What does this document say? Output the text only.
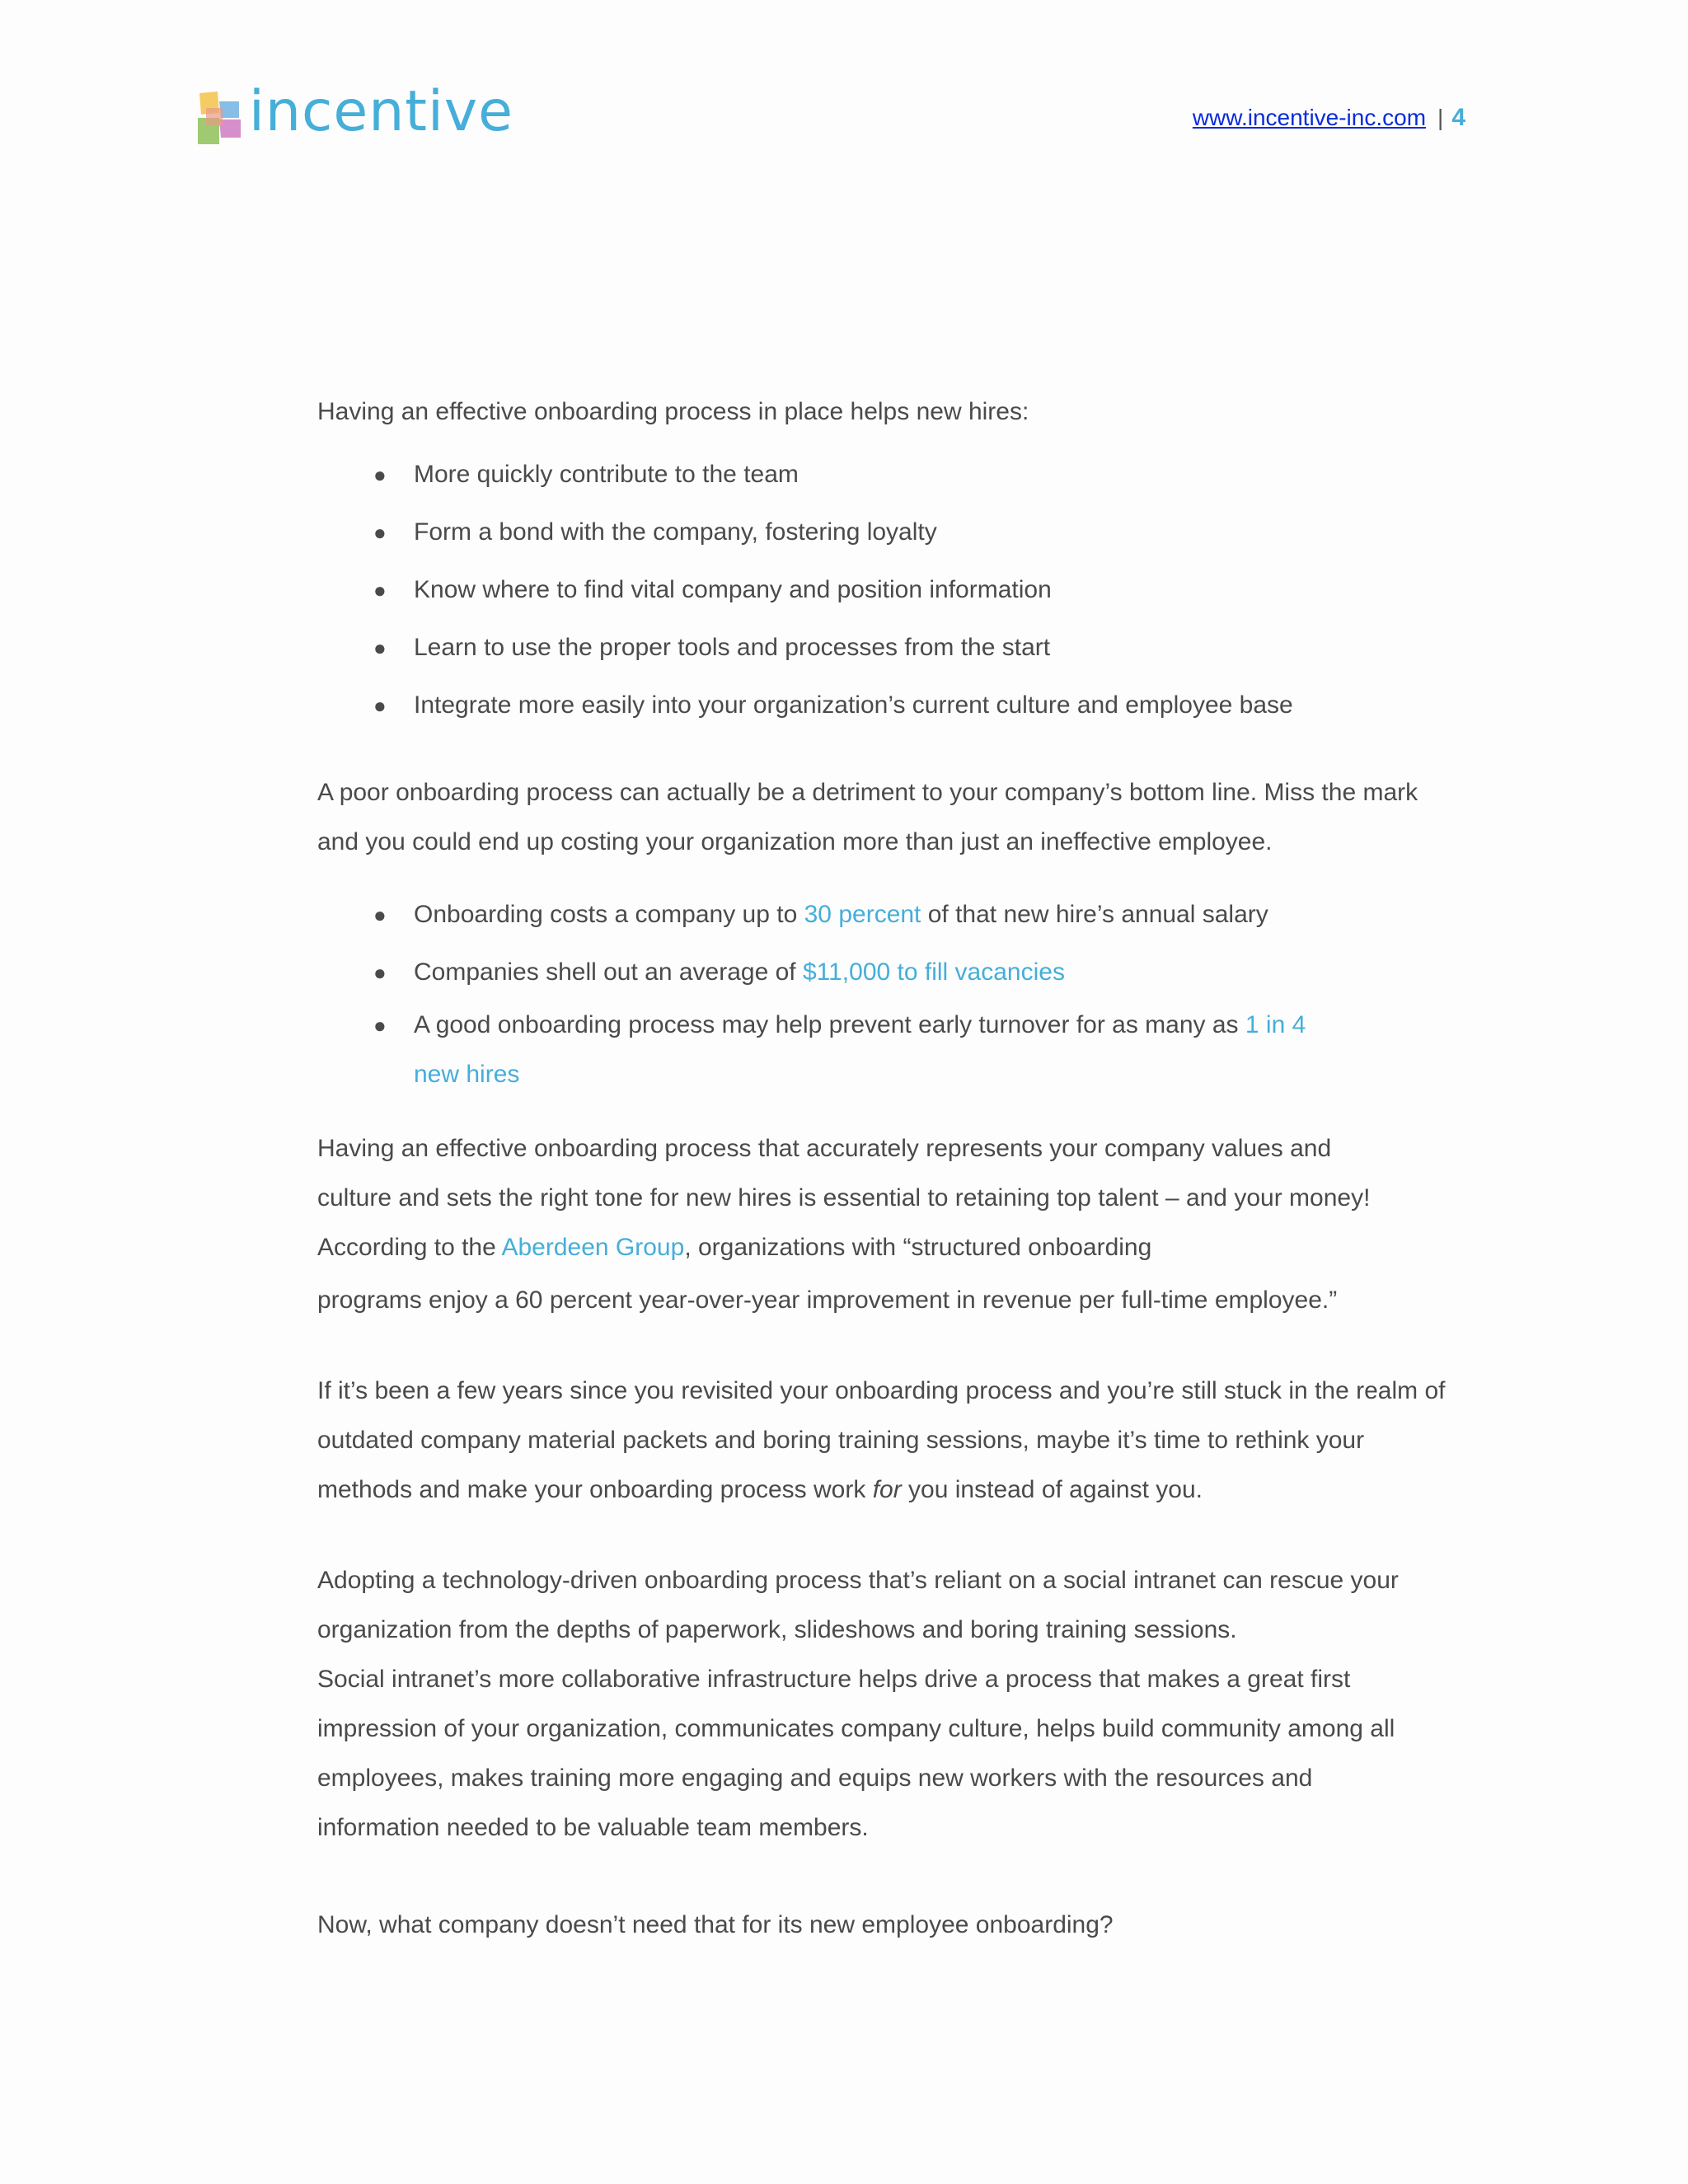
incentive	www.incentive-inc.com | 4

Having an effective onboarding process in place helps new hires:

● More quickly contribute to the team
● Form a bond with the company, fostering loyalty
● Know where to find vital company and position information
● Learn to use the proper tools and processes from the start
● Integrate more easily into your organization’s current culture and employee base

A poor onboarding process can actually be a detriment to your company’s bottom line. Miss the mark

and you could end up costing your organization more than just an ineffective employee.

● Onboarding costs a company up to 30 percent of that new hire’s annual salary
● Companies shell out an average of $11,000 to fill vacancies
● A good onboarding process may help prevent early turnover for as many as 1 in 4
new hires

Having an effective onboarding process that accurately represents your company values and

culture and sets the right tone for new hires is essential to retaining top talent – and your money!

According to the Aberdeen Group, organizations with “structured onboarding

programs enjoy a 60 percent year-over-year improvement in revenue per full-time employee.”

If it’s been a few years since you revisited your onboarding process and you’re still stuck in the realm of

outdated company material packets and boring training sessions, maybe it’s time to rethink your

methods and make your onboarding process work for you instead of against you.

Adopting a technology-driven onboarding process that’s reliant on a social intranet can rescue your

organization from the depths of paperwork, slideshows and boring training sessions.

Social intranet’s more collaborative infrastructure helps drive a process that makes a great first

impression of your organization, communicates company culture, helps build community among all

employees, makes training more engaging and equips new workers with the resources and

information needed to be valuable team members.

Now, what company doesn’t need that for its new employee onboarding?
